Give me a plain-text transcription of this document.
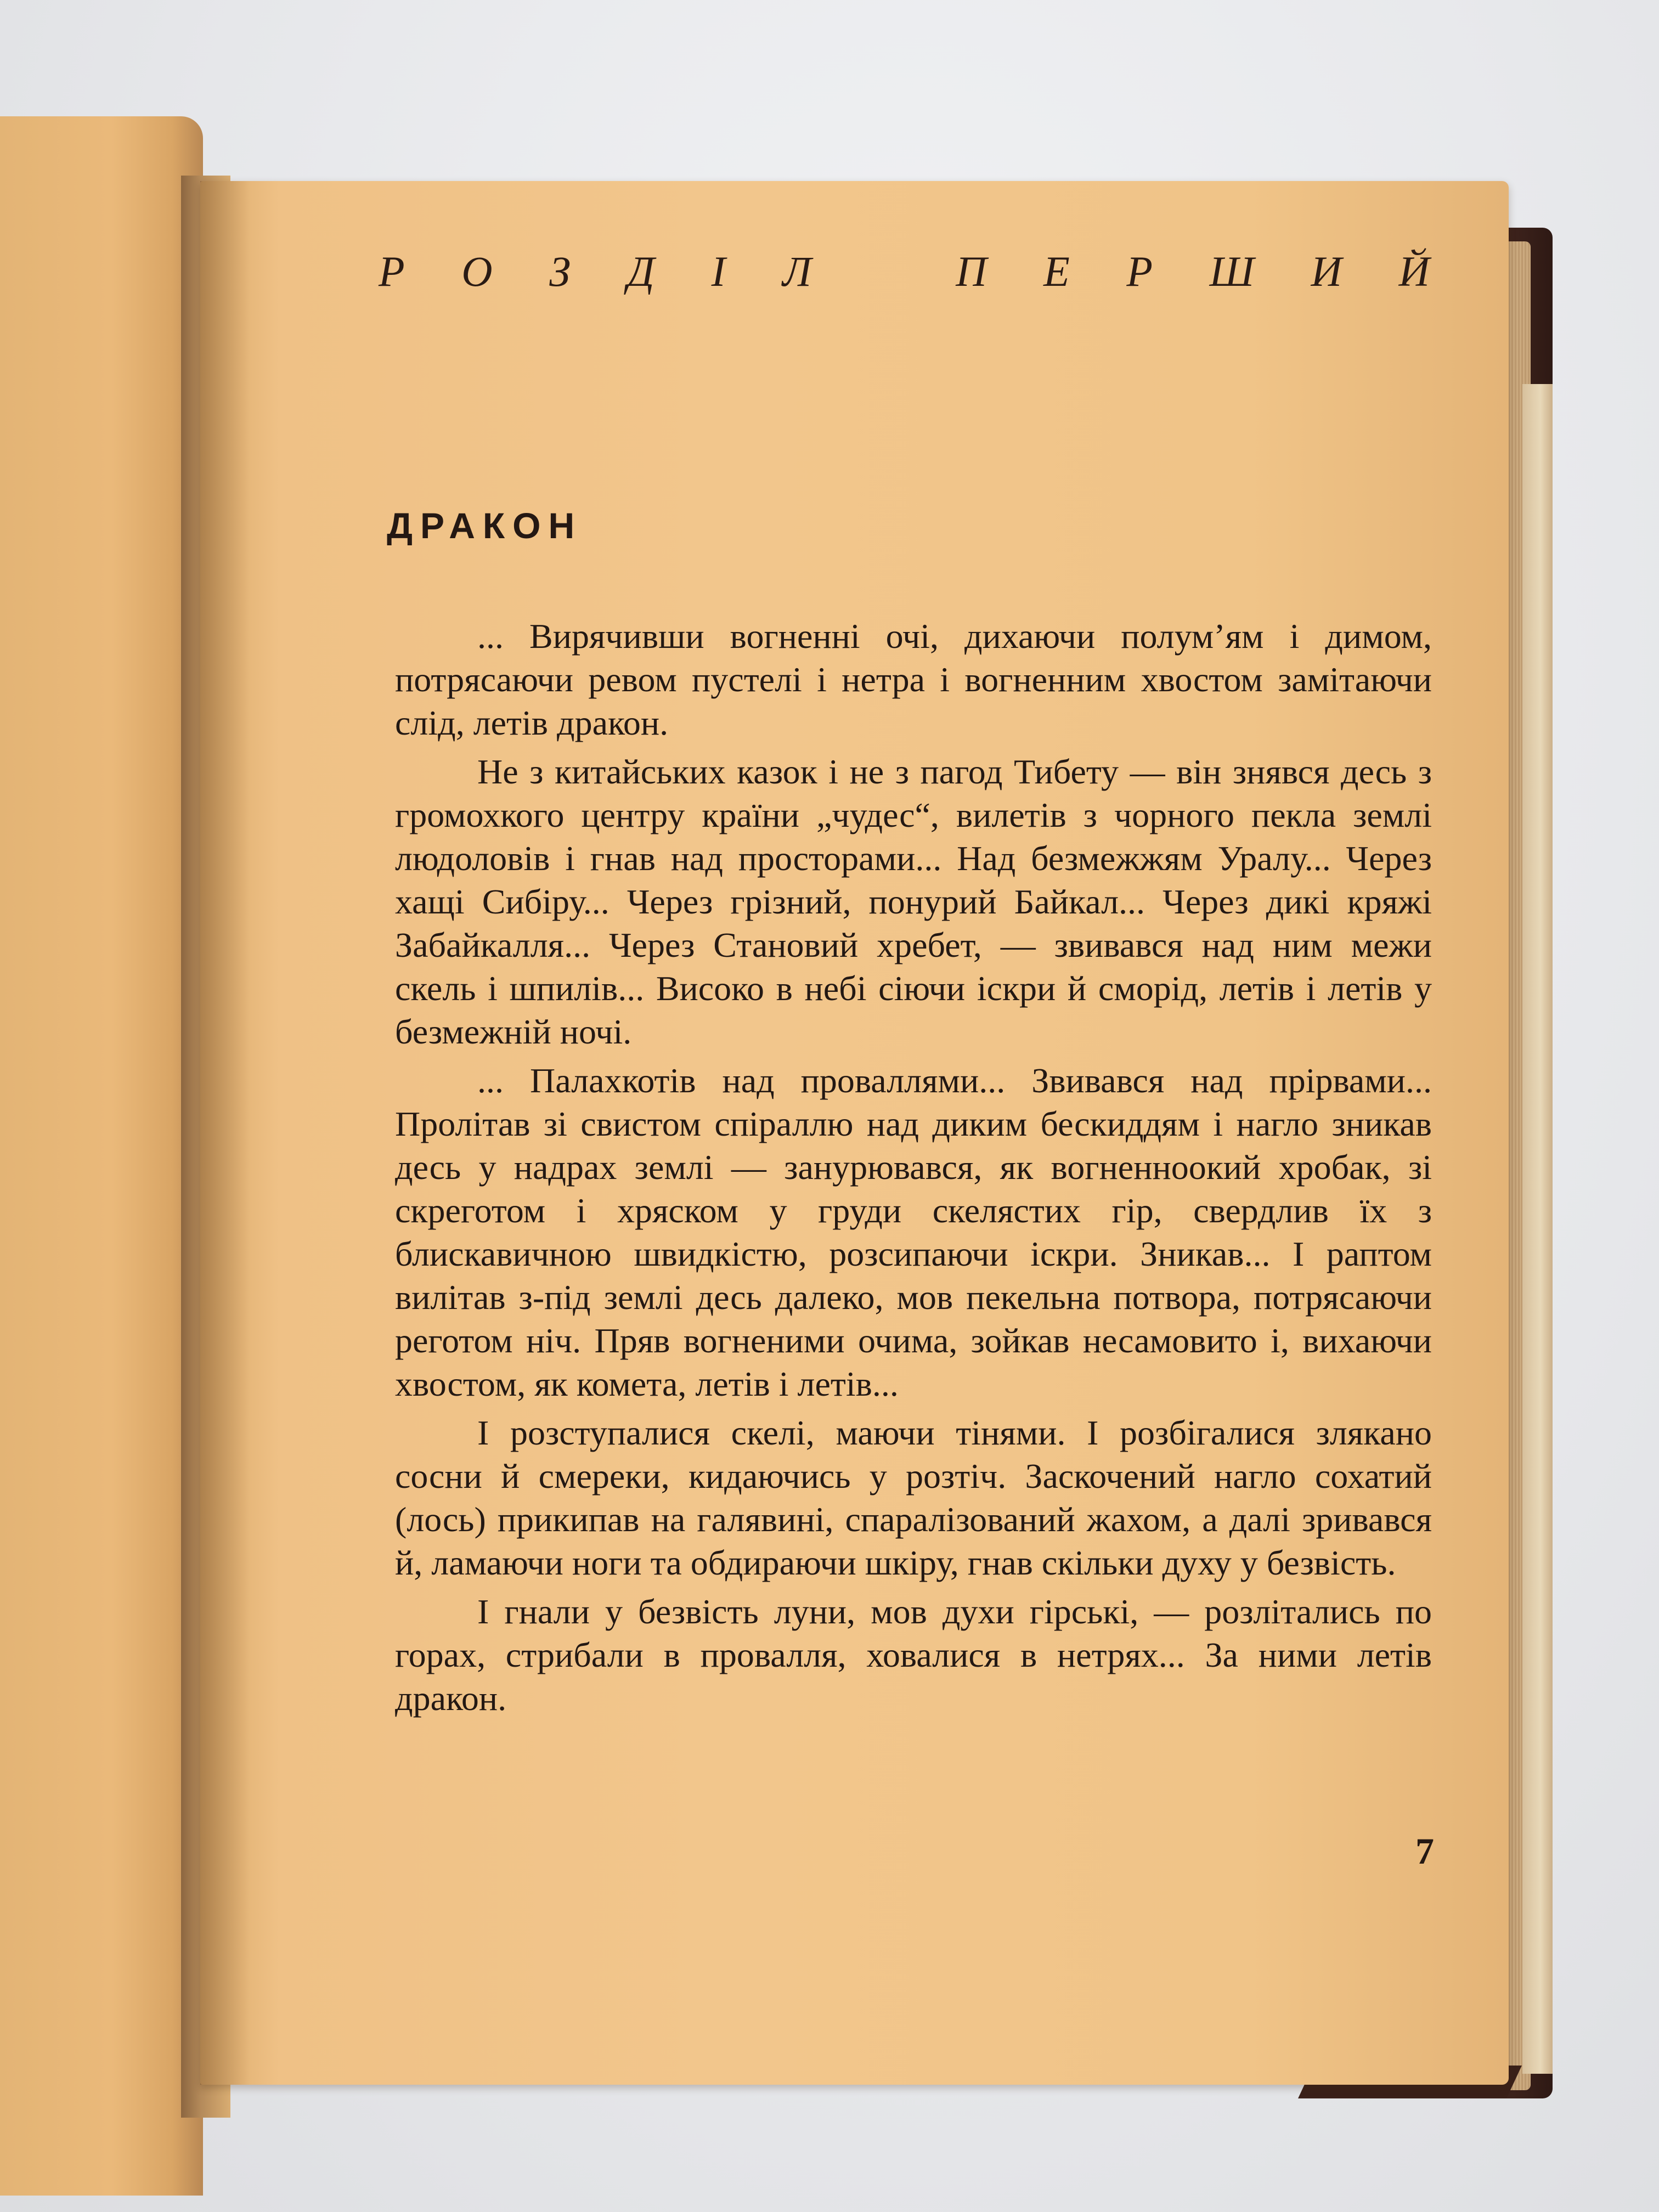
Р О З Д І Л	П Е Р Ш И Й
ДРАКОН

... Вирячивши вогненні очі, дихаючи полум’ям і димом, потрясаючи ревом пустелі і нетра і вогненним хвостом замітаючи слід, летів дракон.

Не з китайських казок і не з пагод Тибету — він знявся десь з громохкого центру країни „чудес“, вилетів з чорного пекла землі людоловів і гнав над просторами... Над безмежжям Уралу... Через хащі Сибіру... Через грізний, понурий Байкал... Через дикі кряжі Забайкалля... Через Становий хребет, — звивався над ним межи скель і шпилів... Високо в небі сіючи іскри й сморід, летів і летів у безмежній ночі.

... Палахкотів над проваллями... Звивався над прірвами... Пролітав зі свистом спіраллю над диким бескиддям і нагло зникав десь у надрах землі — занурювався, як вогненноокий хробак, зі скреготом і хряском у груди скелястих гір, свердлив їх з блискавичною швидкістю, розсипаючи іскри. Зникав... І раптом вилітав з-під землі десь далеко, мов пекельна потвора, потрясаючи реготом ніч. Пряв вогненими очима, зойкав несамовито і, вихаючи хвостом, як комета, летів і летів...

І розступалися скелі, маючи тінями. І розбігалися злякано сосни й смереки, кидаючись у розтіч. Заскочений нагло сохатий (лось) прикипав на галявині, спаралізований жахом, а далі зривався й, ламаючи ноги та обдираючи шкіру, гнав скільки духу у безвість.

І гнали у безвість луни, мов духи гірські, — розлітались по горах, стрибали в провалля, ховалися в нетрях... За ними летів дракон.

7
